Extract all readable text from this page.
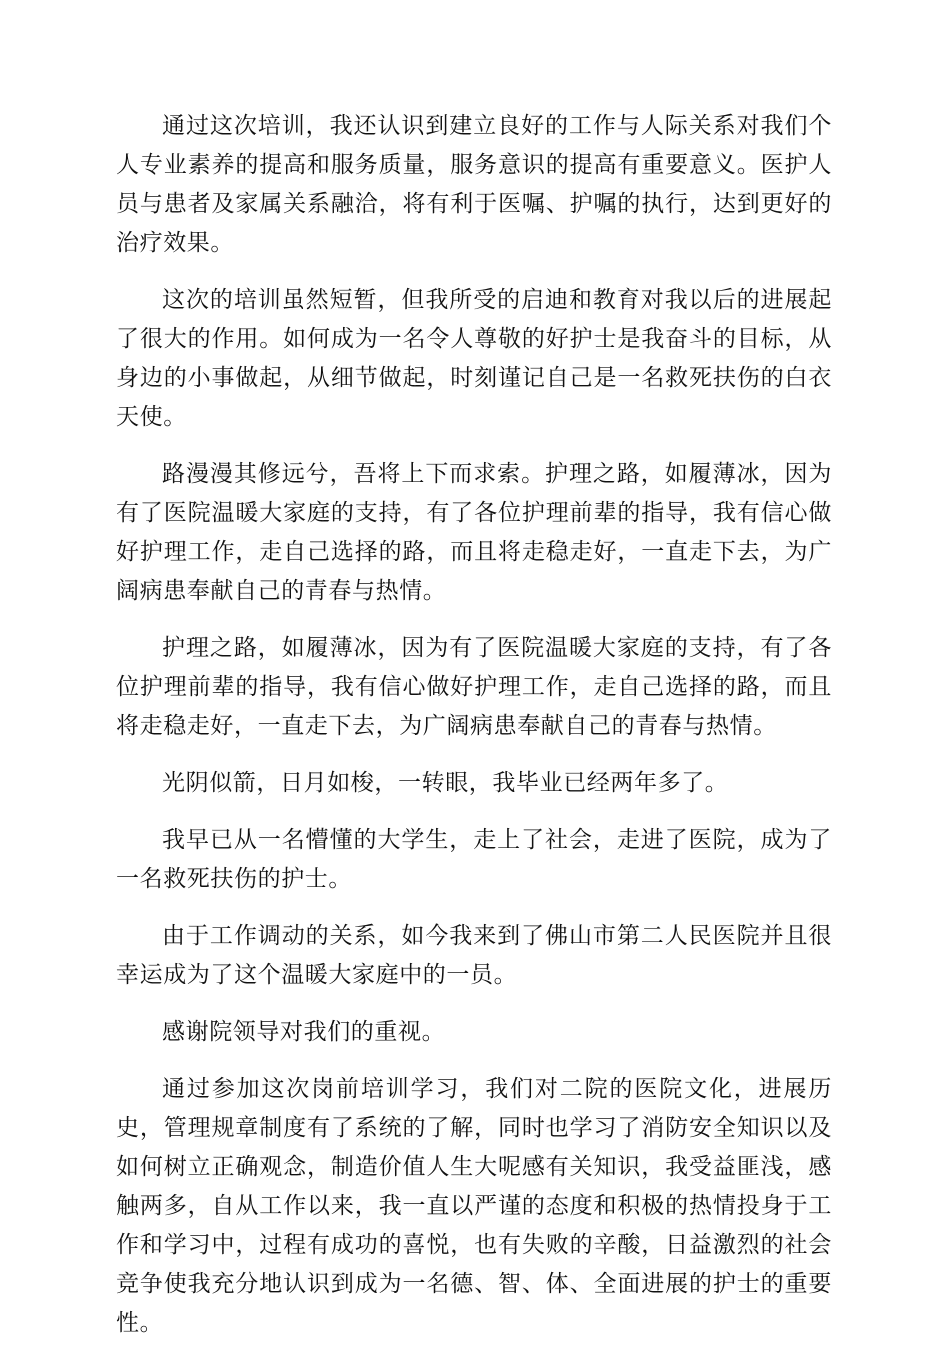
通过这次培训，我还认识到建立良好的工作与人际关系对我们个人专业素养的提高和服务质量，服务意识的提高有重要意义。医护人员与患者及家属关系融洽，将有利于医嘱、护嘱的执行，达到更好的治疗效果。

这次的培训虽然短暂，但我所受的启迪和教育对我以后的进展起了很大的作用。如何成为一名令人尊敬的好护士是我奋斗的目标，从身边的小事做起，从细节做起，时刻谨记自己是一名救死扶伤的白衣天使。

路漫漫其修远兮，吾将上下而求索。护理之路，如履薄冰，因为有了医院温暖大家庭的支持，有了各位护理前辈的指导，我有信心做好护理工作，走自己选择的路，而且将走稳走好，一直走下去，为广阔病患奉献自己的青春与热情。

护理之路，如履薄冰，因为有了医院温暖大家庭的支持，有了各位护理前辈的指导，我有信心做好护理工作，走自己选择的路，而且将走稳走好，一直走下去，为广阔病患奉献自己的青春与热情。

光阴似箭，日月如梭，一转眼，我毕业已经两年多了。

我早已从一名懵懂的大学生，走上了社会，走进了医院，成为了一名救死扶伤的护士。

由于工作调动的关系，如今我来到了佛山市第二人民医院并且很幸运成为了这个温暖大家庭中的一员。

感谢院领导对我们的重视。

通过参加这次岗前培训学习，我们对二院的医院文化，进展历史，管理规章制度有了系统的了解，同时也学习了消防安全知识以及如何树立正确观念，制造价值人生大呢感有关知识，我受益匪浅，感触两多，自从工作以来，我一直以严谨的态度和积极的热情投身于工作和学习中，过程有成功的喜悦，也有失败的辛酸，日益激烈的社会竞争使我充分地认识到成为一名德、智、体、全面进展的护士的重要性。
